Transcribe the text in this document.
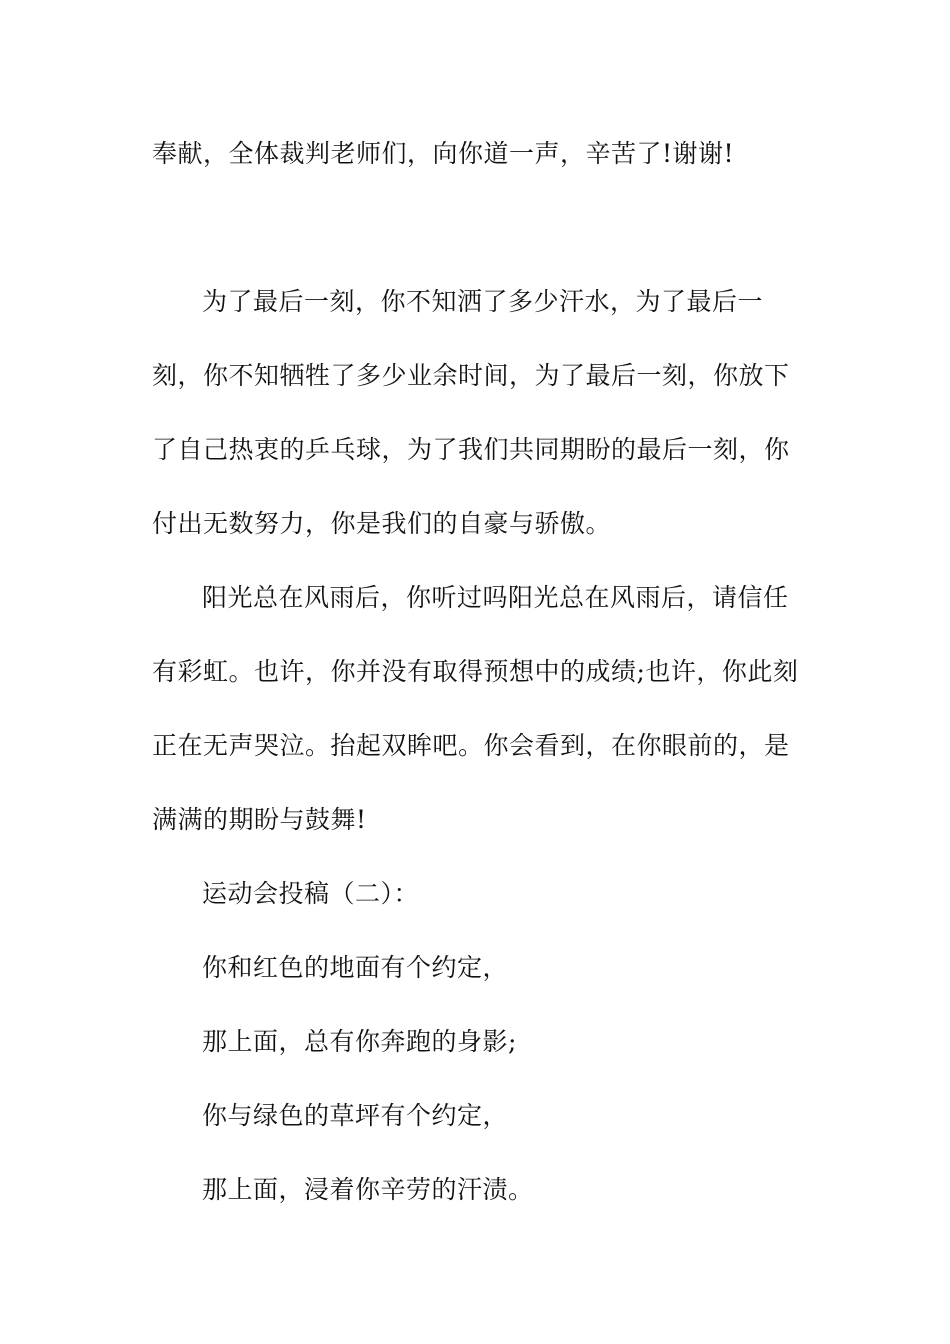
奉献，全体裁判老师们，向你道一声，辛苦了!谢谢!
为了最后一刻，你不知洒了多少汗水，为了最后一
刻，你不知牺牲了多少业余时间，为了最后一刻，你放下
了自己热衷的乒乓球，为了我们共同期盼的最后一刻，你
付出无数努力，你是我们的自豪与骄傲。
阳光总在风雨后，你听过吗阳光总在风雨后，请信任
有彩虹。也许，你并没有取得预想中的成绩;也许，你此刻
正在无声哭泣。抬起双眸吧。你会看到，在你眼前的，是
满满的期盼与鼓舞!
运动会投稿（二）：
你和红色的地面有个约定，
那上面，总有你奔跑的身影;
你与绿色的草坪有个约定，
那上面，浸着你辛劳的汗渍。
